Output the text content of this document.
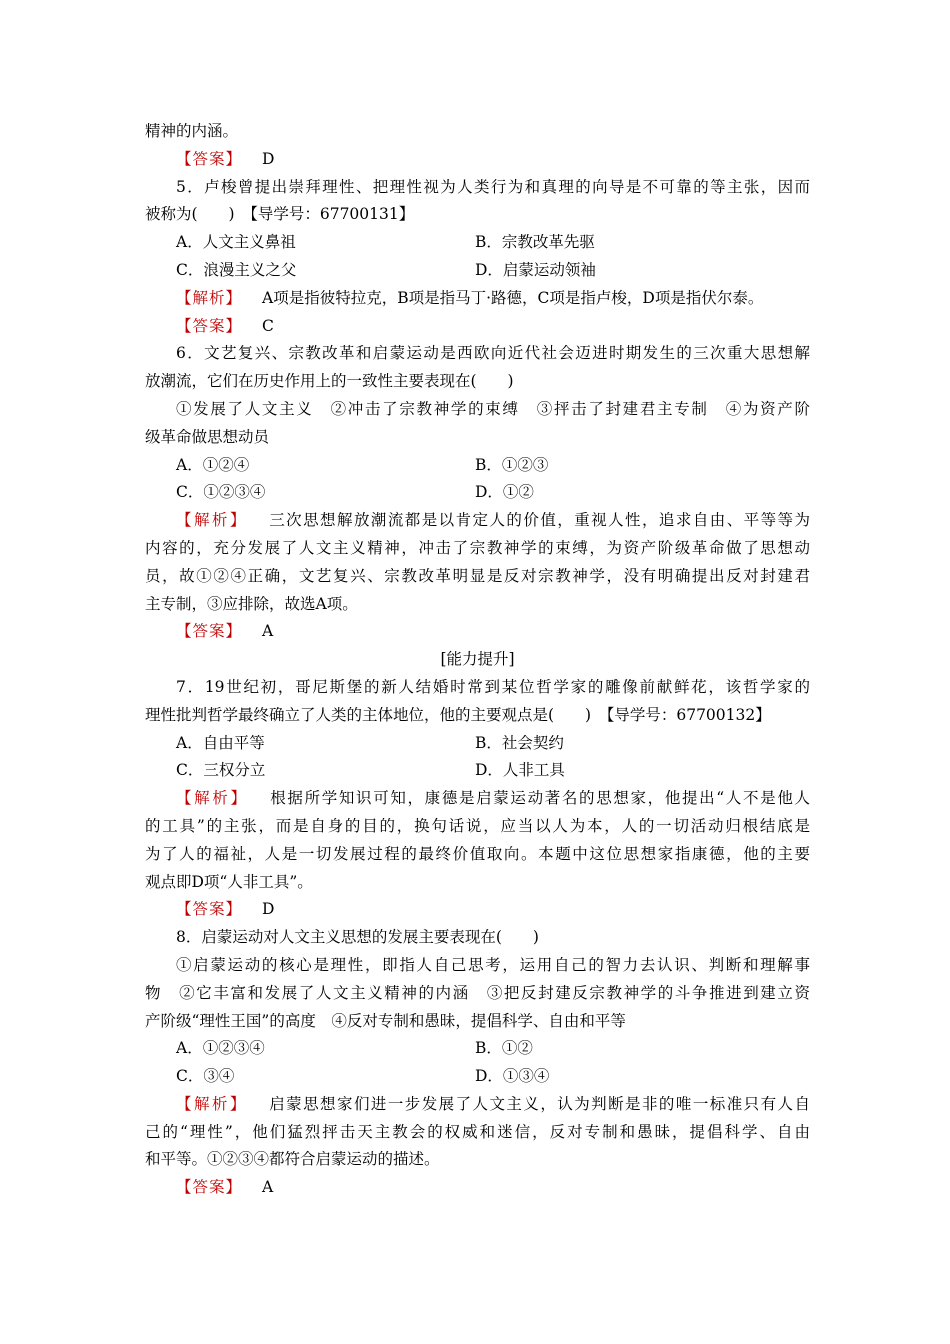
精神的内涵。
【答案】 D
5．卢梭曾提出崇拜理性、把理性视为人类行为和真理的向导是不可靠的等主张，因而
被称为(　　)　【导学号：67700131】
A．人文主义鼻祖	B．宗教改革先驱
C．浪漫主义之父	D．启蒙运动领袖
【解析】 A项是指彼特拉克，B项是指马丁·路德，C项是指卢梭，D项是指伏尔泰。
【答案】 C
6．文艺复兴、宗教改革和启蒙运动是西欧向近代社会迈进时期发生的三次重大思想解
放潮流，它们在历史作用上的一致性主要表现在(　　)
①发展了人文主义　②冲击了宗教神学的束缚　③抨击了封建君主专制　④为资产阶
级革命做思想动员
A．①②④	B．①②③
C．①②③④	D．①②
【解析】 三次思想解放潮流都是以肯定人的价值，重视人性，追求自由、平等等为
内容的，充分发展了人文主义精神，冲击了宗教神学的束缚，为资产阶级革命做了思想动
员，故①②④正确，文艺复兴、宗教改革明显是反对宗教神学，没有明确提出反对封建君
主专制，③应排除，故选A项。
【答案】 A
[能力提升]
7．19世纪初，哥尼斯堡的新人结婚时常到某位哲学家的雕像前献鲜花，该哲学家的
理性批判哲学最终确立了人类的主体地位，他的主要观点是(　　)　【导学号：67700132】
A．自由平等	B．社会契约
C．三权分立	D．人非工具
【解析】 根据所学知识可知，康德是启蒙运动著名的思想家，他提出“人不是他人
的工具”的主张，而是自身的目的，换句话说，应当以人为本，人的一切活动归根结底是
为了人的福祉，人是一切发展过程的最终价值取向。本题中这位思想家指康德，他的主要
观点即D项“人非工具”。
【答案】 D
8．启蒙运动对人文主义思想的发展主要表现在(　　)
①启蒙运动的核心是理性，即指人自己思考，运用自己的智力去认识、判断和理解事
物　②它丰富和发展了人文主义精神的内涵　③把反封建反宗教神学的斗争推进到建立资
产阶级“理性王国”的高度　④反对专制和愚昧，提倡科学、自由和平等
A．①②③④	B．①②
C．③④	D．①③④
【解析】 启蒙思想家们进一步发展了人文主义，认为判断是非的唯一标准只有人自
己的“理性”，他们猛烈抨击天主教会的权威和迷信，反对专制和愚昧，提倡科学、自由
和平等。①②③④都符合启蒙运动的描述。
【答案】 A
